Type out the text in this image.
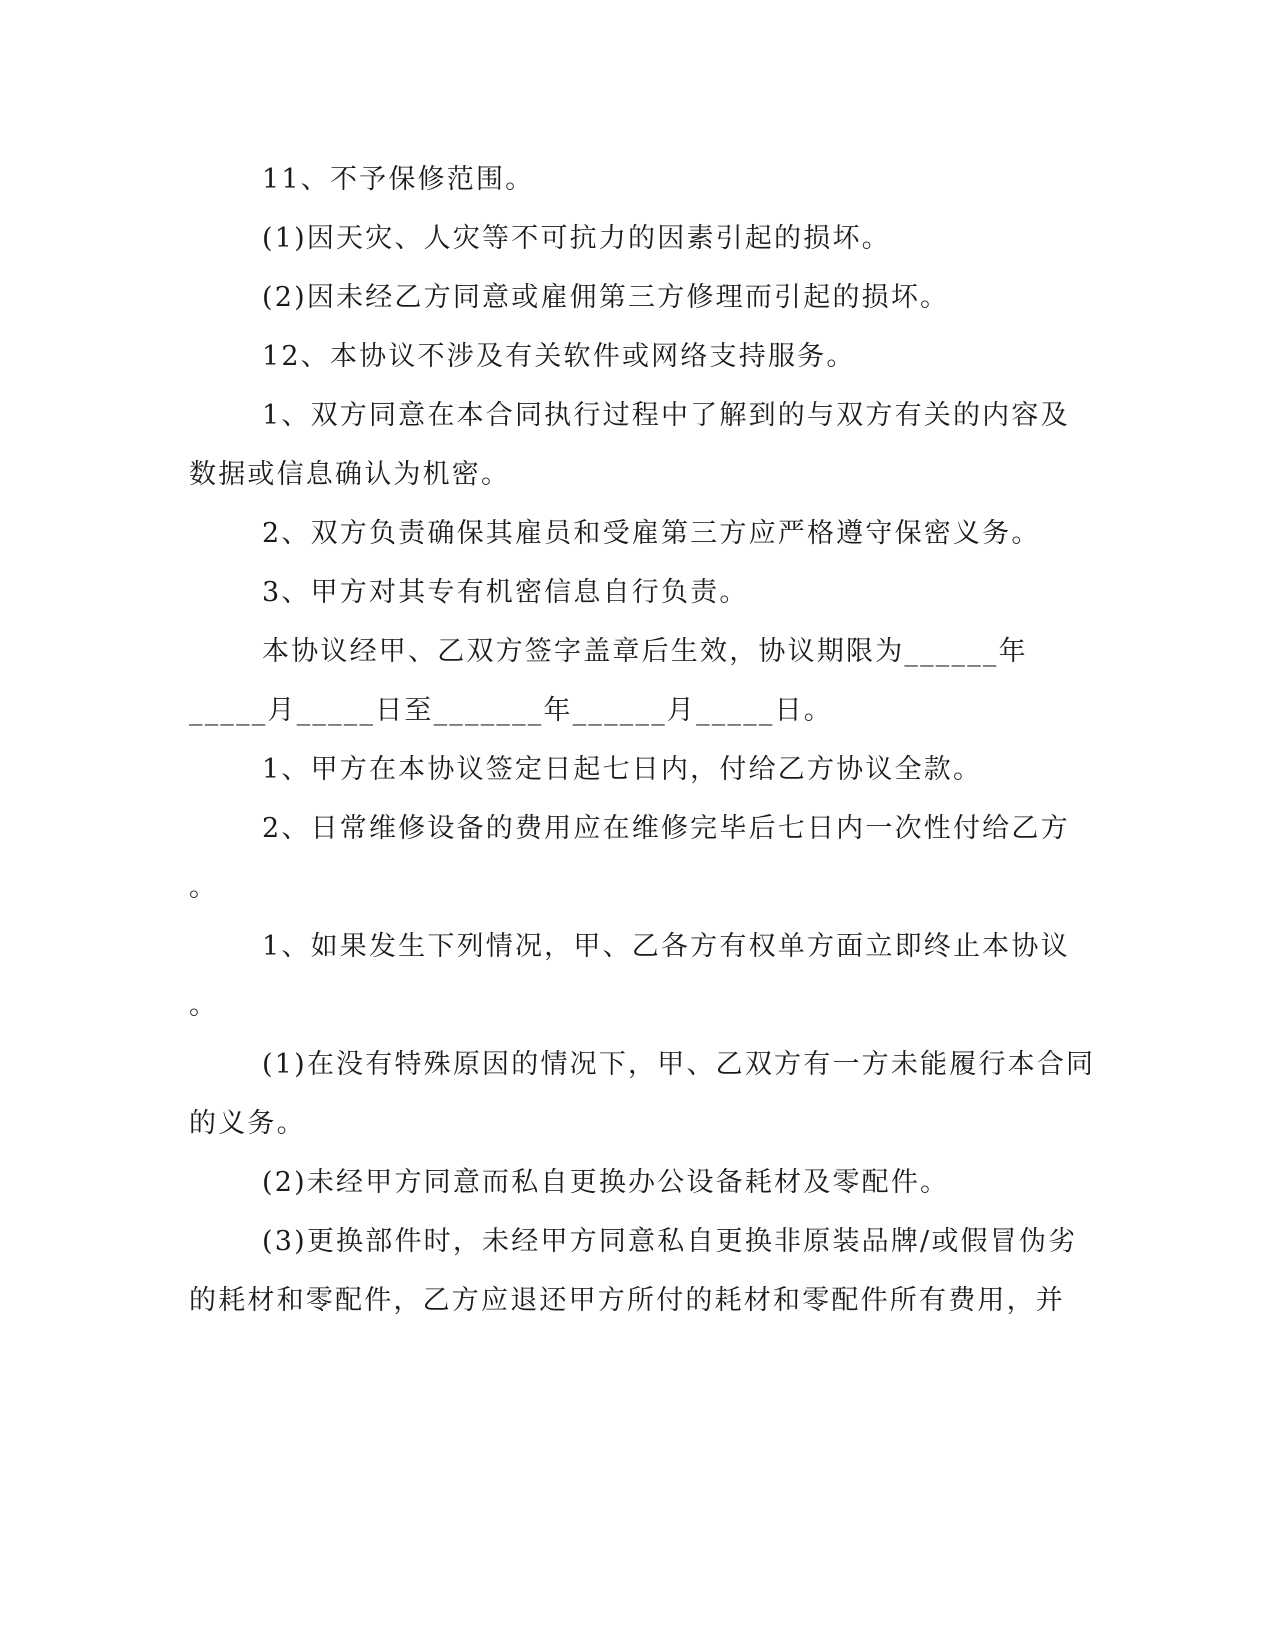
11、不予保修范围。
(1)因天灾、人灾等不可抗力的因素引起的损坏。
(2)因未经乙方同意或雇佣第三方修理而引起的损坏。
12、本协议不涉及有关软件或网络支持服务。
1、双方同意在本合同执行过程中了解到的与双方有关的内容及
数据或信息确认为机密。
2、双方负责确保其雇员和受雇第三方应严格遵守保密义务。
3、甲方对其专有机密信息自行负责。
本协议经甲、乙双方签字盖章后生效，协议期限为______年
_____月_____日至_______年______月_____日。
1、甲方在本协议签定日起七日内，付给乙方协议全款。
2、日常维修设备的费用应在维修完毕后七日内一次性付给乙方
。
1、如果发生下列情况，甲、乙各方有权单方面立即终止本协议
。
(1)在没有特殊原因的情况下，甲、乙双方有一方未能履行本合同
的义务。
(2)未经甲方同意而私自更换办公设备耗材及零配件。
(3)更换部件时，未经甲方同意私自更换非原装品牌/或假冒伪劣
的耗材和零配件，乙方应退还甲方所付的耗材和零配件所有费用，并
